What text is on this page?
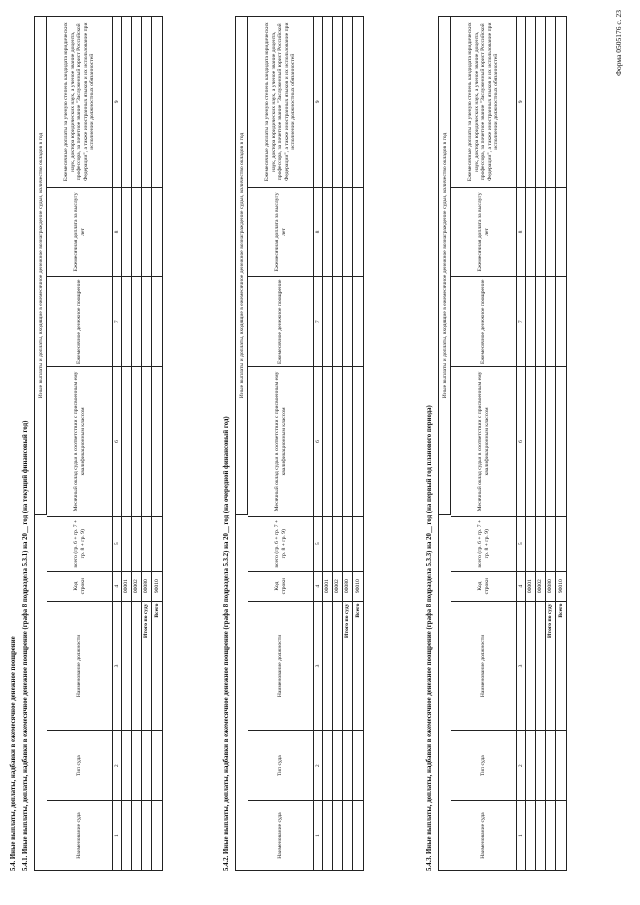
Форма 0505176 с. 23
5.4. Иные выплаты, доплаты, надбавки в ежемесячное денежное поощрение 5.4.1. Иные выплаты, доплаты, надбавки в ежемесячное денежное поощрение (графа 8 подраздела 5.3.1) на 20__ год (на текущий финансовый год)
Иные выплаты и доплаты, входящие в ежемесячное денежное вознаграждение судьи, количество окладов в год
Наименование суда
Тип суда
Наименование должности
Код строки
всего (гр. 6 + гр. 7 + гр. 8 + гр. 9)
Месячный оклад судьи в соответствии с присвоенным ему квалификационным классом
Ежемесячное денежное поощрение
Ежемесячная доплата за выслугу лет
Ежемесячные доплаты за ученую степень кандидата юридических наук, доктора юридических наук, а ученое звание доцента, профессора, за почетное звание "Заслуженный юрист Российской Федерации", а также иностранных языков и их использование при исполнении должностных обязанностей
1
2
3
4
5
6
7
8
9
00001 00002
Итого по суду
00080
Всего
90010	5.4.2. Иные выплаты, доплаты, надбавки в ежемесячное денежное поощрение (графа 8 подраздела 5.3.2) на 20__ год (на очередной финансовый год)
Иные выплаты и доплаты, входящие в ежемесячное денежное вознаграждение судьи, количество окладов в год
Наименование суда
Тип суда
Наименование должности
Код строки
всего (гр. 6 + гр. 7 + гр. 8 + гр. 9)
Месячный оклад судьи в соответствии с присвоенным ему квалификационным классом
Ежемесячное денежное поощрение
Ежемесячная доплата за выслугу лет
Ежемесячные доплаты за ученую степень кандидата юридических наук, доктора юридических наук, а ученое звание доцента, профессора, за почетное звание "Заслуженный юрист Российской Федерации", а также иностранных языков и их использование при исполнении должностных обязанностей
1
2
3
4
5
6
7
8
9
00001 00002
Итого по суду
00080
Всего
90010	5.4.3. Иные выплаты, доплаты, надбавки в ежемесячное денежное поощрение (графа 8 подраздела 5.3.3) на 20__ год (на первый год планового периода)
Иные выплаты и доплаты, входящие в ежемесячное денежное вознаграждение судьи, количество окладов в год
Наименование суда
Тип суда
Наименование должности
Код строки
всего (гр. 6 + гр. 7 + гр. 8 + гр. 9)
Месячный оклад судьи в соответствии с присвоенным ему квалификационным классом
Ежемесячное денежное поощрение
Ежемесячная доплата за выслугу лет
Ежемесячные доплаты за ученую степень кандидата юридических наук, доктора юридических наук, а ученое звание доцента, профессора, за почетное звание "Заслуженный юрист Российской Федерации", а также иностранных языков и их использование при исполнении должностных обязанностей
1
2
3
4
5
6
7
8
9
00001 00002
Итого по суду
00080
Всего
90010
